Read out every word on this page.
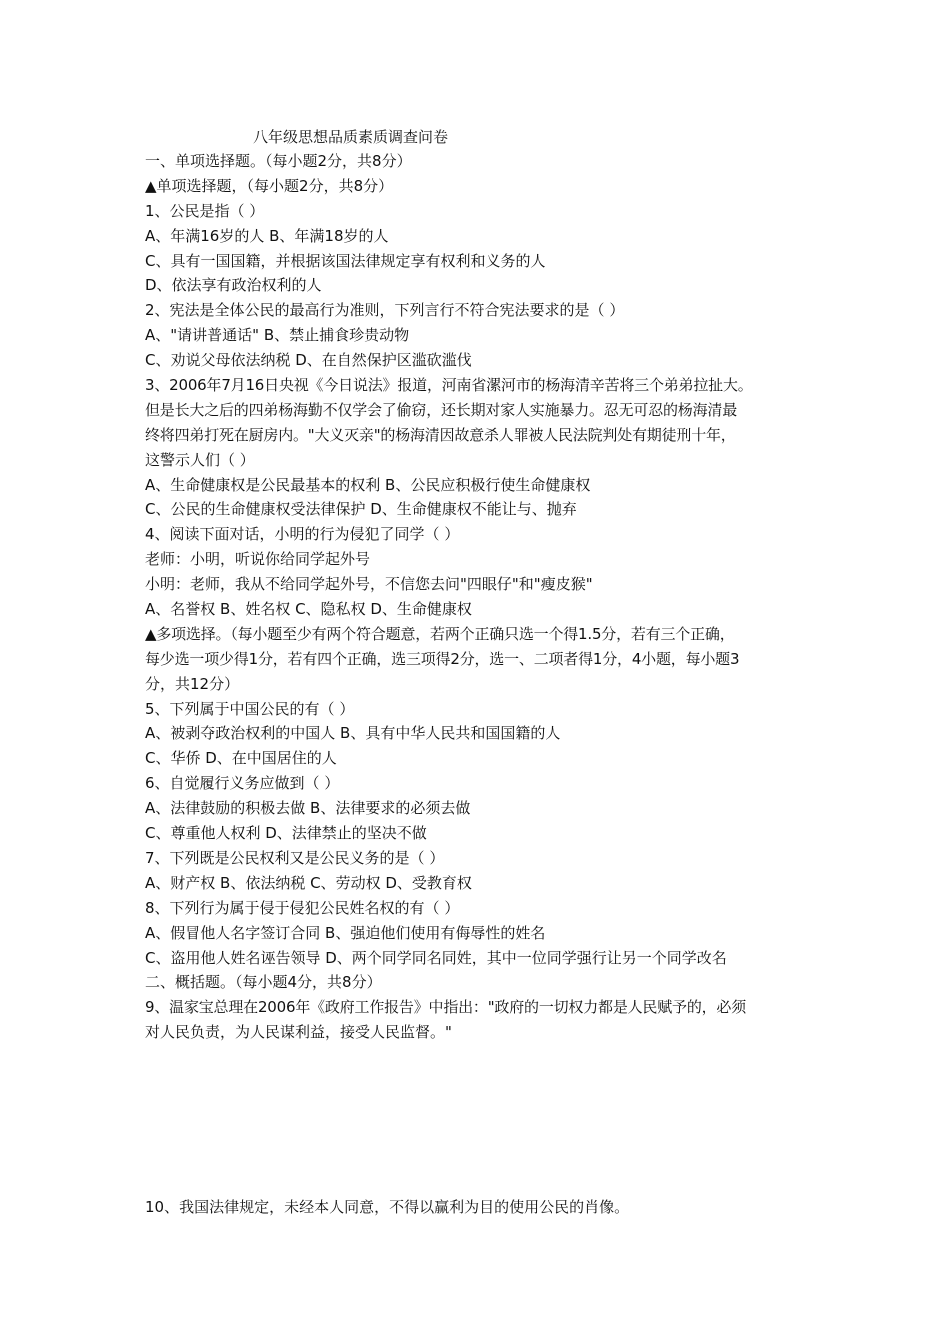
八年级思想品质素质调查问卷
一、单项选择题。（每小题2分，共8分）
▲单项选择题，（每小题2分，共8分）
1、公民是指（ ）
A、年满16岁的人 B、年满18岁的人
C、具有一国国籍，并根据该国法律规定享有权利和义务的人
D、依法享有政治权利的人
2、宪法是全体公民的最高行为准则，下列言行不符合宪法要求的是（ ）
A、"请讲普通话" B、禁止捕食珍贵动物
C、劝说父母依法纳税 D、在自然保护区滥砍滥伐
3、2006年7月16日央视《今日说法》报道，河南省漯河市的杨海清辛苦将三个弟弟拉扯大。
但是长大之后的四弟杨海勤不仅学会了偷窃，还长期对家人实施暴力。忍无可忍的杨海清最
终将四弟打死在厨房内。"大义灭亲"的杨海清因故意杀人罪被人民法院判处有期徒刑十年，
这警示人们（ ）
A、生命健康权是公民最基本的权利 B、公民应积极行使生命健康权
C、公民的生命健康权受法律保护 D、生命健康权不能让与、抛弃
4、阅读下面对话，小明的行为侵犯了同学（ ）
老师：小明，听说你给同学起外号
小明：老师，我从不给同学起外号，不信您去问"四眼仔"和"瘦皮猴"
A、名誉权 B、姓名权 C、隐私权 D、生命健康权
▲多项选择。（每小题至少有两个符合题意，若两个正确只选一个得1.5分，若有三个正确，
每少选一项少得1分，若有四个正确，选三项得2分，选一、二项者得1分，4小题，每小题3
分，共12分）
5、下列属于中国公民的有（ ）
A、被剥夺政治权利的中国人 B、具有中华人民共和国国籍的人
C、华侨 D、在中国居住的人
6、自觉履行义务应做到（ ）
A、法律鼓励的积极去做 B、法律要求的必须去做
C、尊重他人权利 D、法律禁止的坚决不做
7、下列既是公民权利又是公民义务的是（ ）
A、财产权 B、依法纳税 C、劳动权 D、受教育权
8、下列行为属于侵于侵犯公民姓名权的有（ ）
A、假冒他人名字签订合同 B、强迫他们使用有侮辱性的姓名
C、盗用他人姓名诬告领导 D、两个同学同名同姓，其中一位同学强行让另一个同学改名
二、概括题。（每小题4分，共8分）
9、温家宝总理在2006年《政府工作报告》中指出："政府的一切权力都是人民赋予的，必须
对人民负责，为人民谋利益，接受人民监督。"
10、我国法律规定，未经本人同意，不得以赢利为目的使用公民的肖像。
